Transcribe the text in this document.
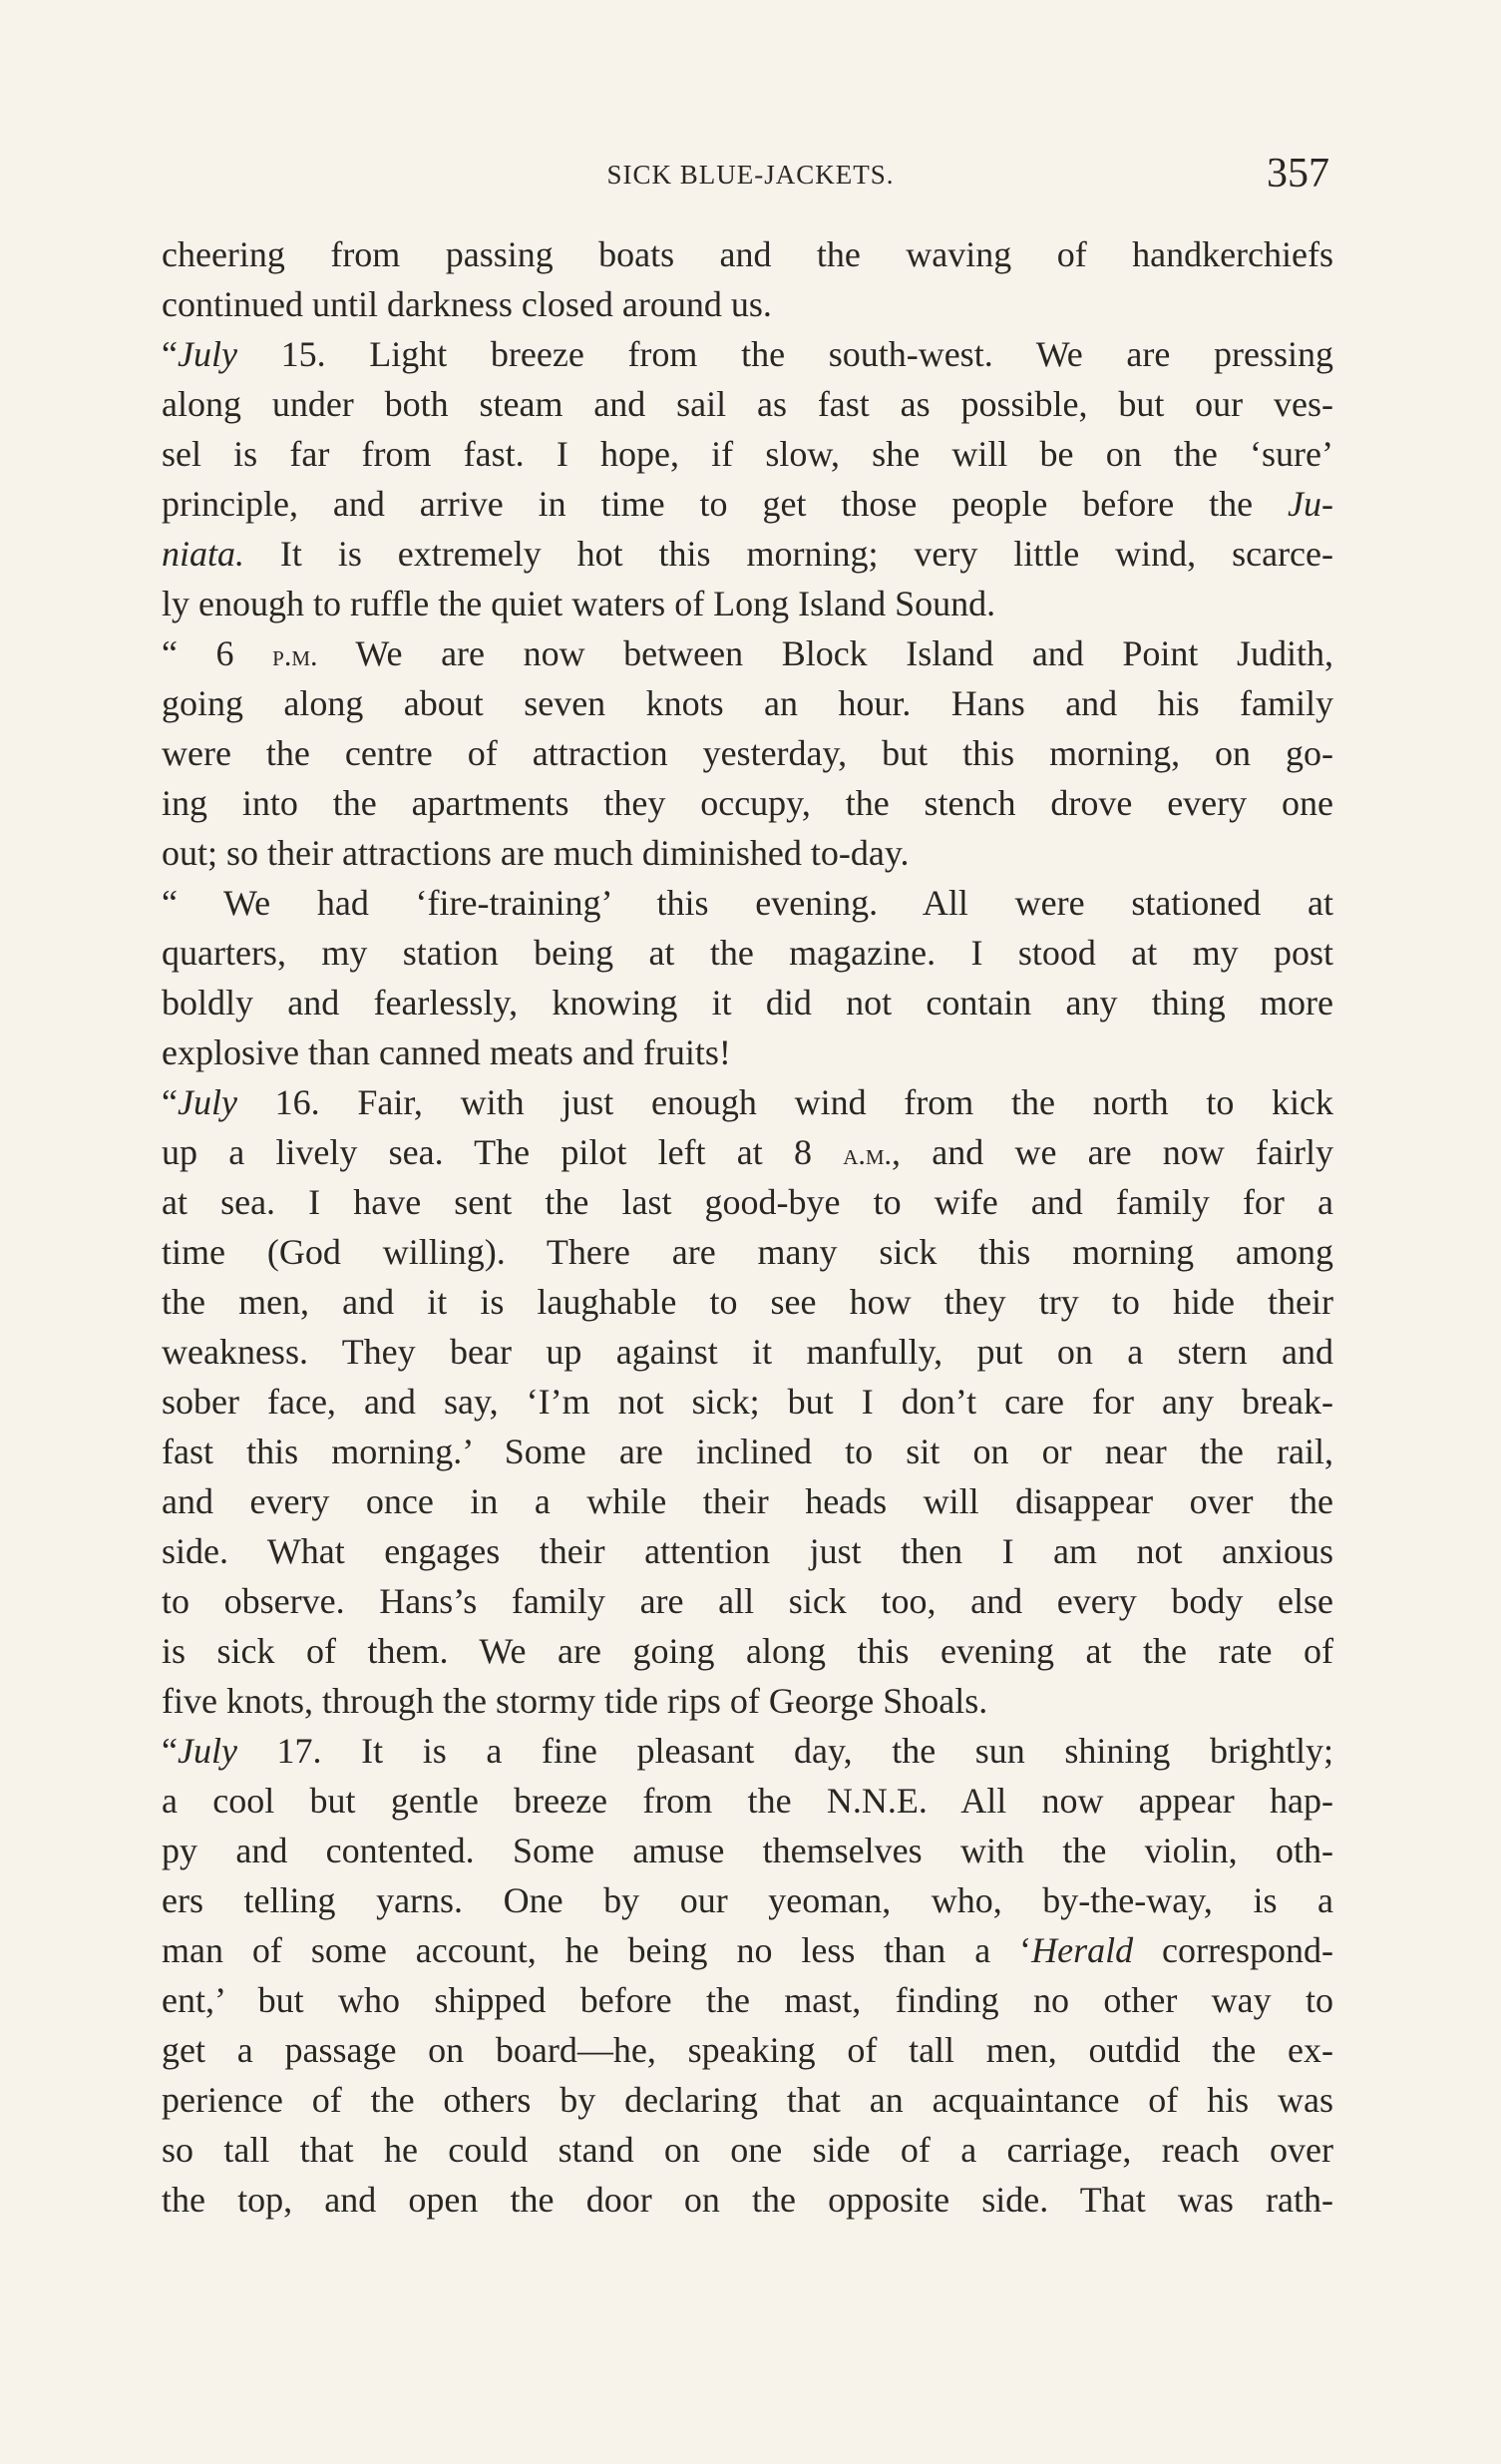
SICK BLUE-JACKETS.	357
cheering from passing boats and the waving of handkerchiefs
continued until darkness closed around us.
“July 15. Light breeze from the south-west. We are pressing
along under both steam and sail as fast as possible, but our ves-
sel is far from fast. I hope, if slow, she will be on the ‘sure’
principle, and arrive in time to get those people before the Ju-
niata. It is extremely hot this morning; very little wind, scarce-
ly enough to ruffle the quiet waters of Long Island Sound.
“ 6 p.m. We are now between Block Island and Point Judith,
going along about seven knots an hour. Hans and his family
were the centre of attraction yesterday, but this morning, on go-
ing into the apartments they occupy, the stench drove every one
out; so their attractions are much diminished to-day.
“ We had ‘fire-training’ this evening. All were stationed at
quarters, my station being at the magazine. I stood at my post
boldly and fearlessly, knowing it did not contain any thing more
explosive than canned meats and fruits!
“July 16. Fair, with just enough wind from the north to kick
up a lively sea. The pilot left at 8 a.m., and we are now fairly
at sea. I have sent the last good-bye to wife and family for a
time (God willing). There are many sick this morning among
the men, and it is laughable to see how they try to hide their
weakness. They bear up against it manfully, put on a stern and
sober face, and say, ‘I’m not sick; but I don’t care for any break-
fast this morning.’ Some are inclined to sit on or near the rail,
and every once in a while their heads will disappear over the
side. What engages their attention just then I am not anxious
to observe. Hans’s family are all sick too, and every body else
is sick of them. We are going along this evening at the rate of
five knots, through the stormy tide rips of George Shoals.
“July 17. It is a fine pleasant day, the sun shining brightly;
a cool but gentle breeze from the N.N.E. All now appear hap-
py and contented. Some amuse themselves with the violin, oth-
ers telling yarns. One by our yeoman, who, by-the-way, is a
man of some account, he being no less than a ‘Herald correspond-
ent,’ but who shipped before the mast, finding no other way to
get a passage on board—he, speaking of tall men, outdid the ex-
perience of the others by declaring that an acquaintance of his was
so tall that he could stand on one side of a carriage, reach over
the top, and open the door on the opposite side. That was rath-
